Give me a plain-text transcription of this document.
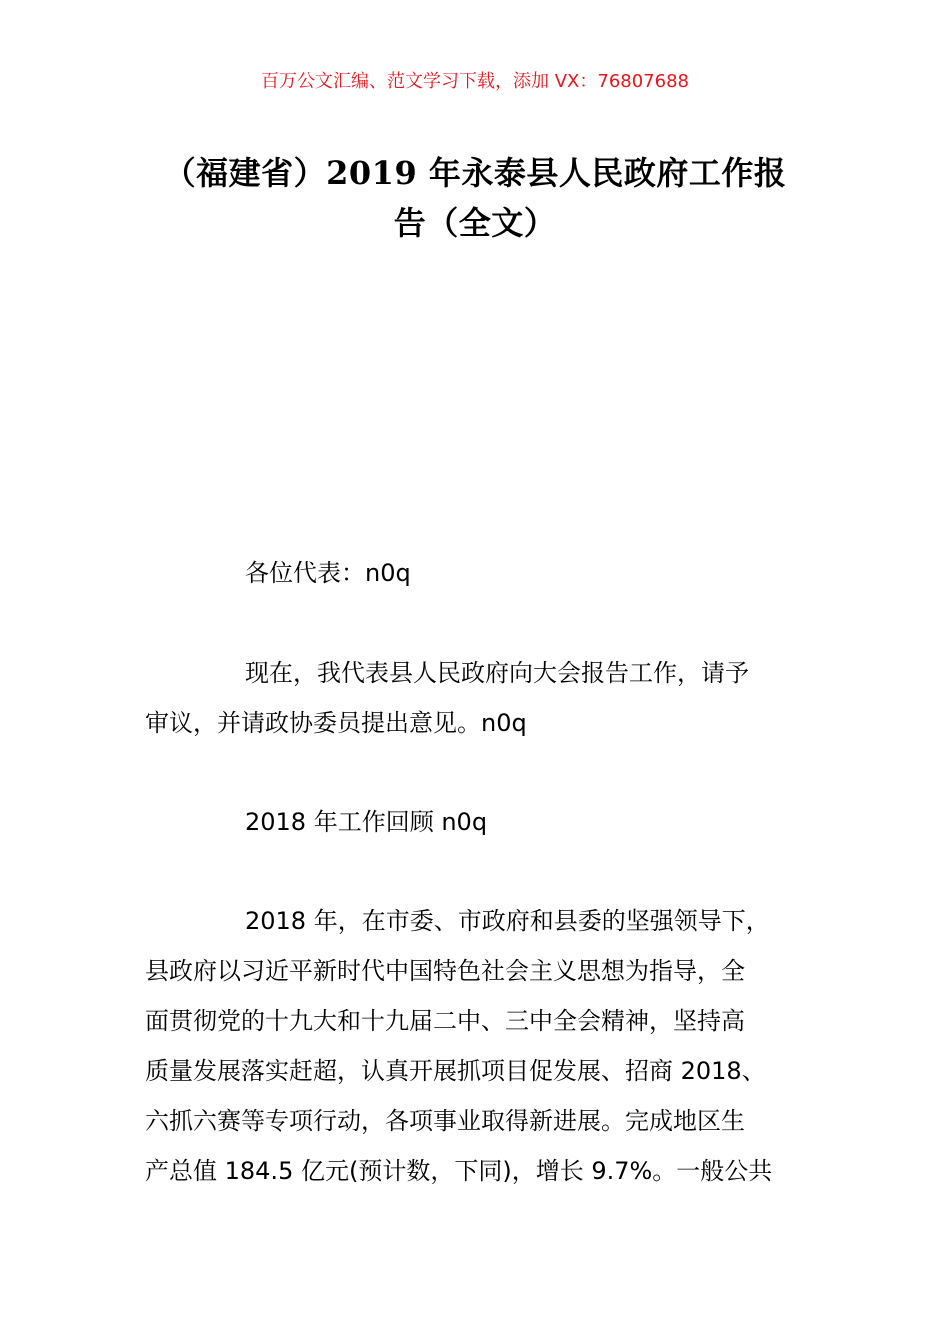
百万公文汇编、范文学习下载，添加 VX：76807688
（福建省）2019 年永泰县人民政府工作报
告（全文）
各位代表：n0q
现在，我代表县人民政府向大会报告工作，请予
审议，并请政协委员提出意见。n0q
2018 年工作回顾 n0q
2018 年，在市委、市政府和县委的坚强领导下，
县政府以习近平新时代中国特色社会主义思想为指导，全
面贯彻党的十九大和十九届二中、三中全会精神，坚持高
质量发展落实赶超，认真开展抓项目促发展、招商 2018、
六抓六赛等专项行动，各项事业取得新进展。完成地区生
产总值 184.5 亿元(预计数，下同)，增长 9.7%。一般公共
